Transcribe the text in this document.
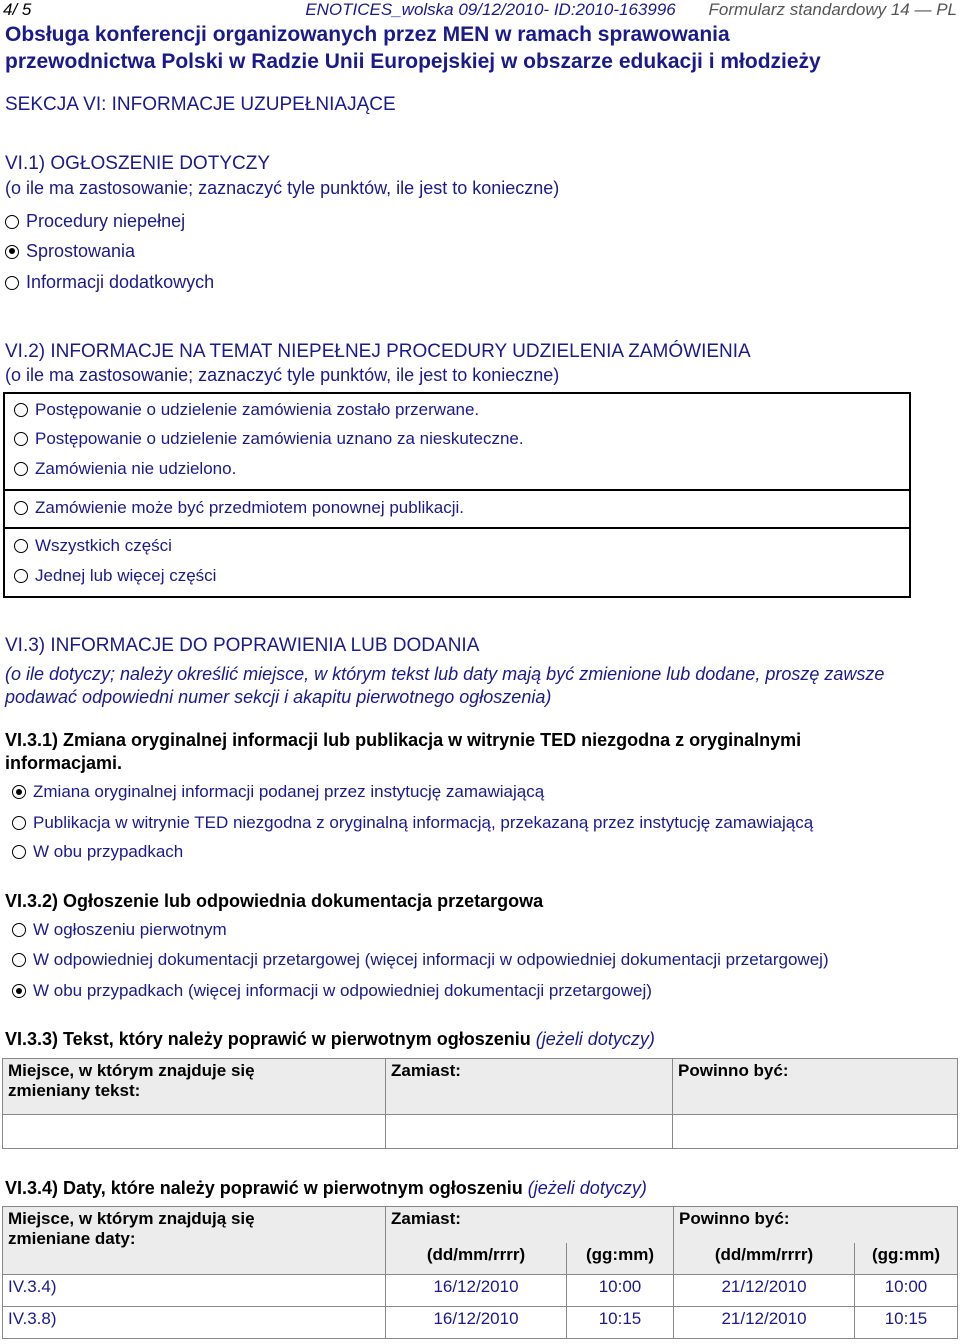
4/ 5	ENOTICES_wolska 09/12/2010- ID:2010-163996 Formularz standardowy 14 — PL
Obsługa konferencji organizowanych przez MEN w ramach sprawowania
przewodnictwa Polski w Radzie Unii Europejskiej w obszarze edukacji i młodzieży
SEKCJA VI: INFORMACJE UZUPEŁNIAJĄCE
VI.1) OGŁOSZENIE DOTYCZY
(o ile ma zastosowanie; zaznaczyć tyle punktów, ile jest to konieczne)
Procedury niepełnej
Sprostowania
Informacji dodatkowych
VI.2) INFORMACJE NA TEMAT NIEPEŁNEJ PROCEDURY UDZIELENIA ZAMÓWIENIA
(o ile ma zastosowanie; zaznaczyć tyle punktów, ile jest to konieczne)
Postępowanie o udzielenie zamówienia zostało przerwane.
Postępowanie o udzielenie zamówienia uznano za nieskuteczne.
Zamówienia nie udzielono.
Zamówienie może być przedmiotem ponownej publikacji.
Wszystkich części
Jednej lub więcej części
VI.3) INFORMACJE DO POPRAWIENIA LUB DODANIA
(o ile dotyczy; należy określić miejsce, w którym tekst lub daty mają być zmienione lub dodane, proszę zawsze
podawać odpowiedni numer sekcji i akapitu pierwotnego ogłoszenia)
VI.3.1) Zmiana oryginalnej informacji lub publikacja w witrynie TED niezgodna z oryginalnymi
informacjami.
Zmiana oryginalnej informacji podanej przez instytucję zamawiającą
Publikacja w witrynie TED niezgodna z oryginalną informacją, przekazaną przez instytucję zamawiającą
W obu przypadkach
VI.3.2) Ogłoszenie lub odpowiednia dokumentacja przetargowa
W ogłoszeniu pierwotnym
W odpowiedniej dokumentacji przetargowej (więcej informacji w odpowiedniej dokumentacji przetargowej)
W obu przypadkach (więcej informacji w odpowiedniej dokumentacji przetargowej)
VI.3.3) Tekst, który należy poprawić w pierwotnym ogłoszeniu (jeżeli dotyczy)
Miejsce, w którym znajduje się
zmieniany tekst:	Zamiast:	Powinno być:

VI.3.4) Daty, które należy poprawić w pierwotnym ogłoszeniu (jeżeli dotyczy)
Miejsce, w którym znajdują się
zmieniane daty:	Zamiast:		Powinno być:	
	(dd/mm/rrrr)	(gg:mm)	(dd/mm/rrrr)	(gg:mm)
IV.3.4)	16/12/2010	10:00	21/12/2010	10:00
IV.3.8)	16/12/2010	10:15	21/12/2010	10:15
